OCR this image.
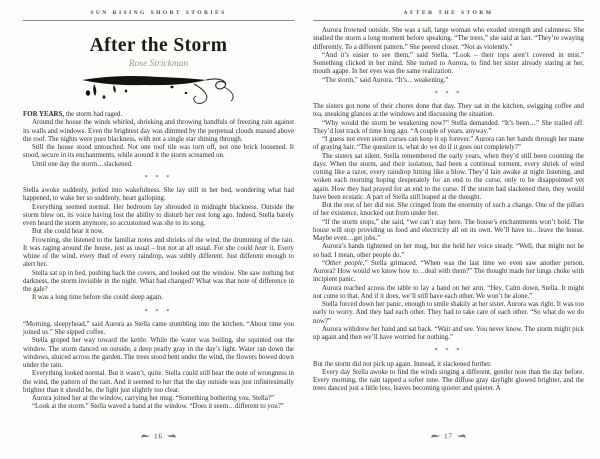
SUN RISING SHORT STORIES
After the Storm
Rose Strickman

FOR YEARS, the storm had raged.

Around the house the winds whirled, shrieking and throwing handfuls of freezing rain against its walls and windows. Even the brightest day was dimmed by the perpetual clouds massed above the roof. The nights were pure blackness, with not a single star shining through.

Still the house stood untouched. Not one roof tile was torn off, not one brick loosened. It stood, secure in its enchantments, while around it the storm screamed on.

Until one day the storm…slackened.

* * *

Stella awoke suddenly, jerked into wakefulness. She lay still in her bed, wondering what had happened, to wake her so suddenly, heart galloping.

Everything seemed normal. Her bedroom lay shrouded in midnight blackness. Outside the storm blew on, its voice having lost the ability to disturb her rest long ago. Indeed, Stella barely even heard the storm anymore, so accustomed was she to its song.

But she could hear it now.

Frowning, she listened to the familiar notes and shrieks of the wind, the drumming of the rain. It was raging around the house, just as usual – but not at all usual. For she could hear it. Every whine of the wind, every thud of every raindrop, was subtly different. Just different enough to alert her.

Stella sat up in bed, pushing back the covers, and looked out the window. She saw nothing but darkness, the storm invisible in the night. What had changed? What was that note of difference in the gale?

It was a long time before she could sleep again.

* * *

“Morning, sleepyhead,” said Aurora as Stella came stumbling into the kitchen. “About time you joined us.” She sipped coffee.

Stella groped her way toward the kettle. While the water was boiling, she squinted out the window. The storm danced on outside, a deep pearly gray in the day’s light. Water ran down the windows, sluiced across the garden. The trees stood bent under the wind, the flowers bowed down under the rain.

Everything looked normal. But it wasn’t, quite. Stella could still hear the note of wrongness in the wind, the pattern of the rain. And it seemed to her that the day outside was just infinitesimally brighter than it should be, the light just slightly too clear.

Aurora joined her at the window, carrying her mug. “Something bothering you, Stella?”

“Look at the storm.” Stella waved a hand at the window. “Does it seem…different to you?”

16
AFTER THE STORM

Aurora frowned outside. She was a tall, large woman who exuded strength and calmness. She studied the storm a long moment before speaking. “The trees,” she said at last. “They’re swaying differently. To a different pattern.” She peered closer. “Not as violently.”

“And it’s easier to see them,” said Stella. “Look – their tops aren’t covered in mist.” Something clicked in her mind. She turned to Aurora, to find her sister already staring at her, mouth agape. In her eyes was the same realization.

“The storm,” said Aurora. “It’s…weakening.”

* * *

The sisters got none of their chores done that day. They sat in the kitchen, swigging coffee and tea, sneaking glances at the windows and discussing the situation.

“Why would the storm be weakening now?” Stella demanded. “It’s been…” She trailed off. They’d lost track of time long ago. “A couple of years, anyway.”

“I guess not even storm curses can keep it up forever.” Aurora ran her hands through her mane of graying hair. “The question is, what do we do if it goes out completely?”

The sisters sat silent. Stella remembered the early years, when they’d still been counting the days. When the storm, and their isolation, had been a continual torment, every shriek of wind cutting like a razor, every raindrop hitting like a blow. They’d lain awake at night listening, and woken each morning hoping desperately for an end to the curse, only to be disappointed yet again. How they had prayed for an end to the curse. If the storm had slackened then, they would have been ecstatic. A part of Stella still leaped at the thought.

But the rest of her did not. She cringed from the enormity of such a change. One of the pillars of her existence, knocked out from under her.

“If the storm stops,” she said, “we can’t stay here. The house’s enchantments won’t hold. The house will stop providing us food and electricity all on its own. We’ll have to…leave the house. Maybe even…get jobs.”

Aurora’s hands tightened on her mug, but she held her voice steady. “Well, that might not be so bad. I mean, other people do.”

“Other people,” Stella grimaced. “When was the last time we even saw another person, Aurora? How would we know how to…deal with them?” The thought made her lungs choke with incipient panic.

Aurora reached across the table to lay a hand on her arm. “Hey. Calm down, Stella. It might not come to that. And if it does, we’ll still have each other. We won’t be alone.”

Stella forced down her panic, enough to smile shakily at her sister. Aurora was right. It was too early to worry. And they had each other. They had to take care of each other. “So what do we do now?”

Aurora withdrew her hand and sat back. “Wait and see. You never know. The storm might pick up again and then we’ll have worried for nothing.”

* * *

But the storm did not pick up again. Instead, it slackened further.

Every day Stella awoke to find the winds singing a different, gentler note than the day before. Every morning, the rain tapped a softer tune. The diffuse gray daylight glowed brighter, and the trees danced just a little less, leaves becoming quieter and quieter. A

17
